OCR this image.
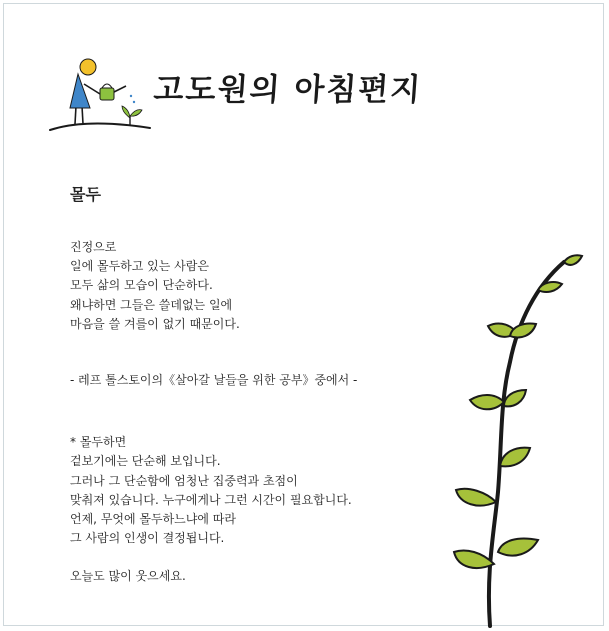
고도원의 아침편지
몰두
진정으로
일에 몰두하고 있는 사람은
모두 삶의 모습이 단순하다.
왜냐하면 그들은 쓸데없는 일에
마음을 쓸 겨를이 없기 때문이다.
- 레프 톨스토이의《살아갈 날들을 위한 공부》중에서 -
* 몰두하면
겉보기에는 단순해 보입니다.
그러나 그 단순함에 엄청난 집중력과 초점이
맞춰져 있습니다. 누구에게나 그런 시간이 필요합니다.
언제, 무엇에 몰두하느냐에 따라
그 사람의 인생이 결정됩니다.
오늘도 많이 웃으세요.
